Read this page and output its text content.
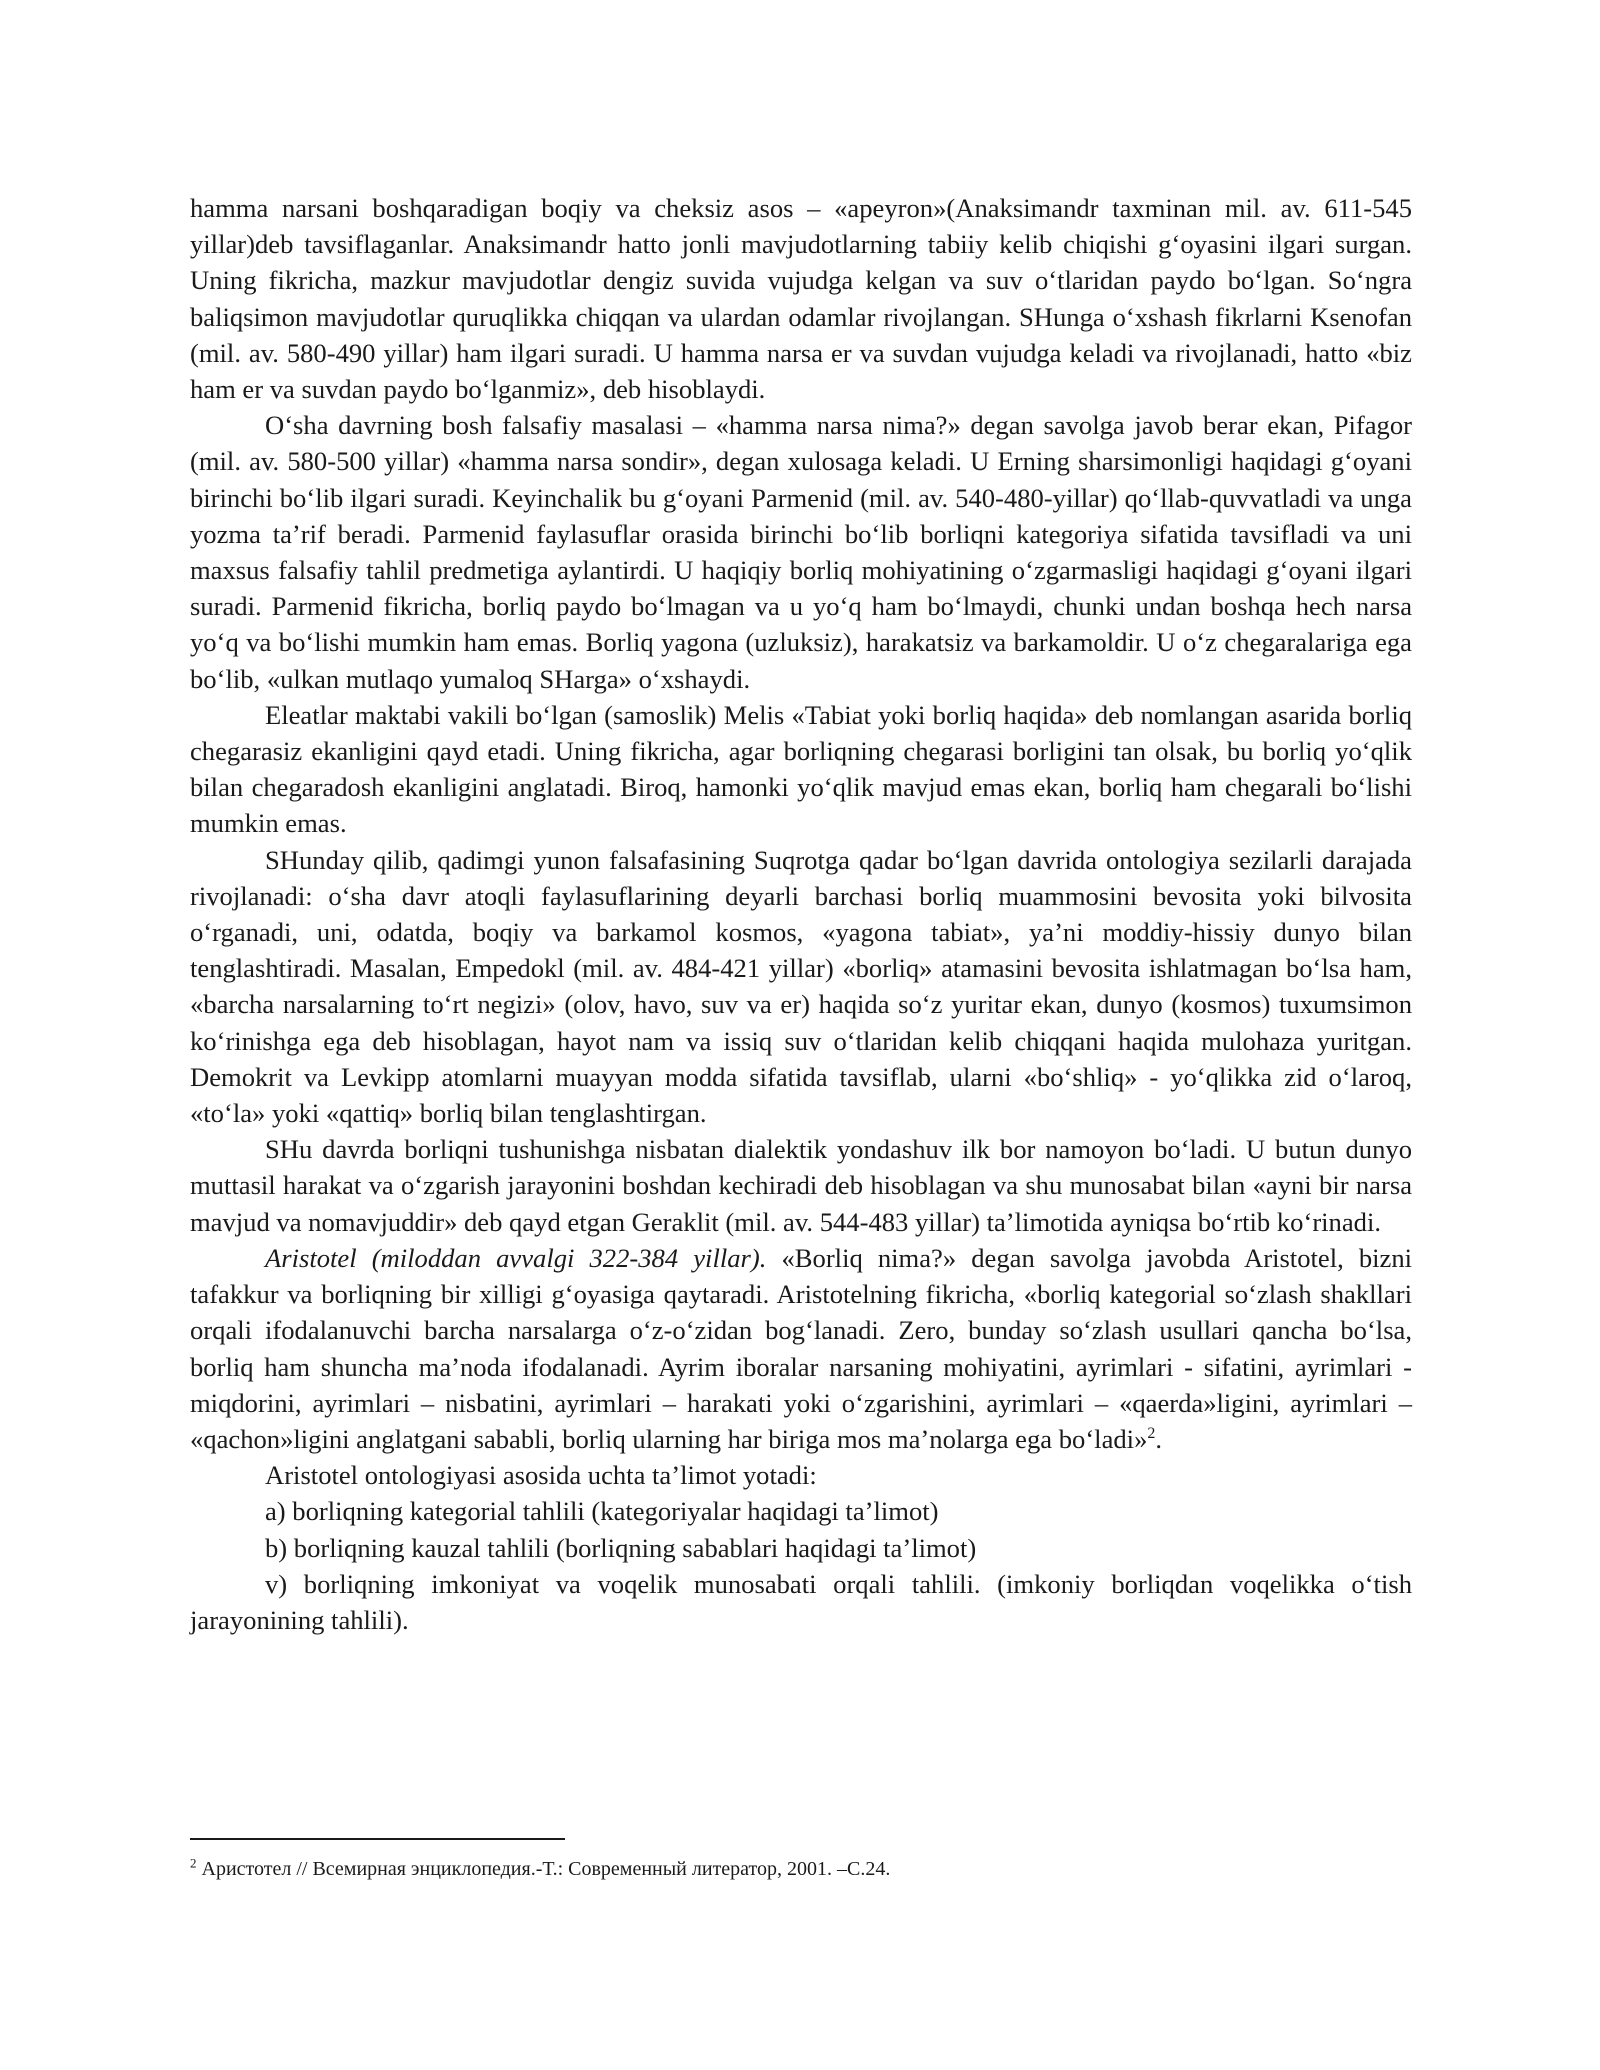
hamma narsani boshqaradigan boqiy va cheksiz asos – «apeyron»(Anaksimandr taxminan mil. av. 611-545 yillar)deb tavsiflaganlar. Anaksimandr hatto jonli mavjudotlarning tabiiy kelib chiqishi g‘oyasini ilgari surgan. Uning fikricha, mazkur mavjudotlar dengiz suvida vujudga kelgan va suv o‘tlaridan paydo bo‘lgan. So‘ngra baliqsimon mavjudotlar quruqlikka chiqqan va ulardan odamlar rivojlangan. SHunga o‘xshash fikrlarni Ksenofan (mil. av. 580-490 yillar) ham ilgari suradi. U hamma narsa er va suvdan vujudga keladi va rivojlanadi, hatto «biz ham er va suvdan paydo bo‘lganmiz», deb hisoblaydi.

O‘sha davrning bosh falsafiy masalasi – «hamma narsa nima?» degan savolga javob berar ekan, Pifagor (mil. av. 580-500 yillar) «hamma narsa sondir», degan xulosaga keladi. U Erning sharsimonligi haqidagi g‘oyani birinchi bo‘lib ilgari suradi. Keyinchalik bu g‘oyani Parmenid (mil. av. 540-480-yillar) qo‘llab-quvvatladi va unga yozma ta’rif beradi. Parmenid faylasuflar orasida birinchi bo‘lib borliqni kategoriya sifatida tavsifladi va uni maxsus falsafiy tahlil predmetiga aylantirdi. U haqiqiy borliq mohiyatining o‘zgarmasligi haqidagi g‘oyani ilgari suradi. Parmenid fikricha, borliq paydo bo‘lmagan va u yo‘q ham bo‘lmaydi, chunki undan boshqa hech narsa yo‘q va bo‘lishi mumkin ham emas. Borliq yagona (uzluksiz), harakatsiz va barkamoldir. U o‘z chegaralariga ega bo‘lib, «ulkan mutlaqo yumaloq SHarga» o‘xshaydi.

Eleatlar maktabi vakili bo‘lgan (samoslik) Melis «Tabiat yoki borliq haqida» deb nomlangan asarida borliq chegarasiz ekanligini qayd etadi. Uning fikricha, agar borliqning chegarasi borligini tan olsak, bu borliq yo‘qlik bilan chegaradosh ekanligini anglatadi. Biroq, hamonki yo‘qlik mavjud emas ekan, borliq ham chegarali bo‘lishi mumkin emas.

SHunday qilib, qadimgi yunon falsafasining Suqrotga qadar bo‘lgan davrida ontologiya sezilarli darajada rivojlanadi: o‘sha davr atoqli faylasuflarining deyarli barchasi borliq muammosini bevosita yoki bilvosita o‘rganadi, uni, odatda, boqiy va barkamol kosmos, «yagona tabiat», ya’ni moddiy-hissiy dunyo bilan tenglashtiradi. Masalan, Empedokl (mil. av. 484-421 yillar) «borliq» atamasini bevosita ishlatmagan bo‘lsa ham, «barcha narsalarning to‘rt negizi» (olov, havo, suv va er) haqida so‘z yuritar ekan, dunyo (kosmos) tuxumsimon ko‘rinishga ega deb hisoblagan, hayot nam va issiq suv o‘tlaridan kelib chiqqani haqida mulohaza yuritgan. Demokrit va Levkipp atomlarni muayyan modda sifatida tavsiflab, ularni «bo‘shliq» - yo‘qlikka zid o‘laroq, «to‘la» yoki «qattiq» borliq bilan tenglashtirgan.

SHu davrda borliqni tushunishga nisbatan dialektik yondashuv ilk bor namoyon bo‘ladi. U butun dunyo muttasil harakat va o‘zgarish jarayonini boshdan kechiradi deb hisoblagan va shu munosabat bilan «ayni bir narsa mavjud va nomavjuddir» deb qayd etgan Geraklit (mil. av. 544-483 yillar) ta’limotida ayniqsa bo‘rtib ko‘rinadi.

Aristotel (miloddan avvalgi 322-384 yillar). «Borliq nima?» degan savolga javobda Aristotel, bizni tafakkur va borliqning bir xilligi g‘oyasiga qaytaradi. Aristotelning fikricha, «borliq kategorial so‘zlash shakllari orqali ifodalanuvchi barcha narsalarga o‘z-o‘zidan bog‘lanadi. Zero, bunday so‘zlash usullari qancha bo‘lsa, borliq ham shuncha ma’noda ifodalanadi. Ayrim iboralar narsaning mohiyatini, ayrimlari - sifatini, ayrimlari - miqdorini, ayrimlari – nisbatini, ayrimlari – harakati yoki o‘zgarishini, ayrimlari – «qaerda»ligini, ayrimlari – «qachon»ligini anglatgani sababli, borliq ularning har biriga mos ma’nolarga ega bo‘ladi»$^2$.

Aristotel ontologiyasi asosida uchta ta’limot yotadi:

a) borliqning kategorial tahlili (kategoriyalar haqidagi ta’limot)

b) borliqning kauzal tahlili (borliqning sabablari haqidagi ta’limot)

v) borliqning imkoniyat va voqelik munosabati orqali tahlili. (imkoniy borliqdan voqelikka o‘tish jarayonining tahlili).

$^2$ Аристотел // Всемирная энциклопедия.-Т.: Современный литератор, 2001. –С.24.
